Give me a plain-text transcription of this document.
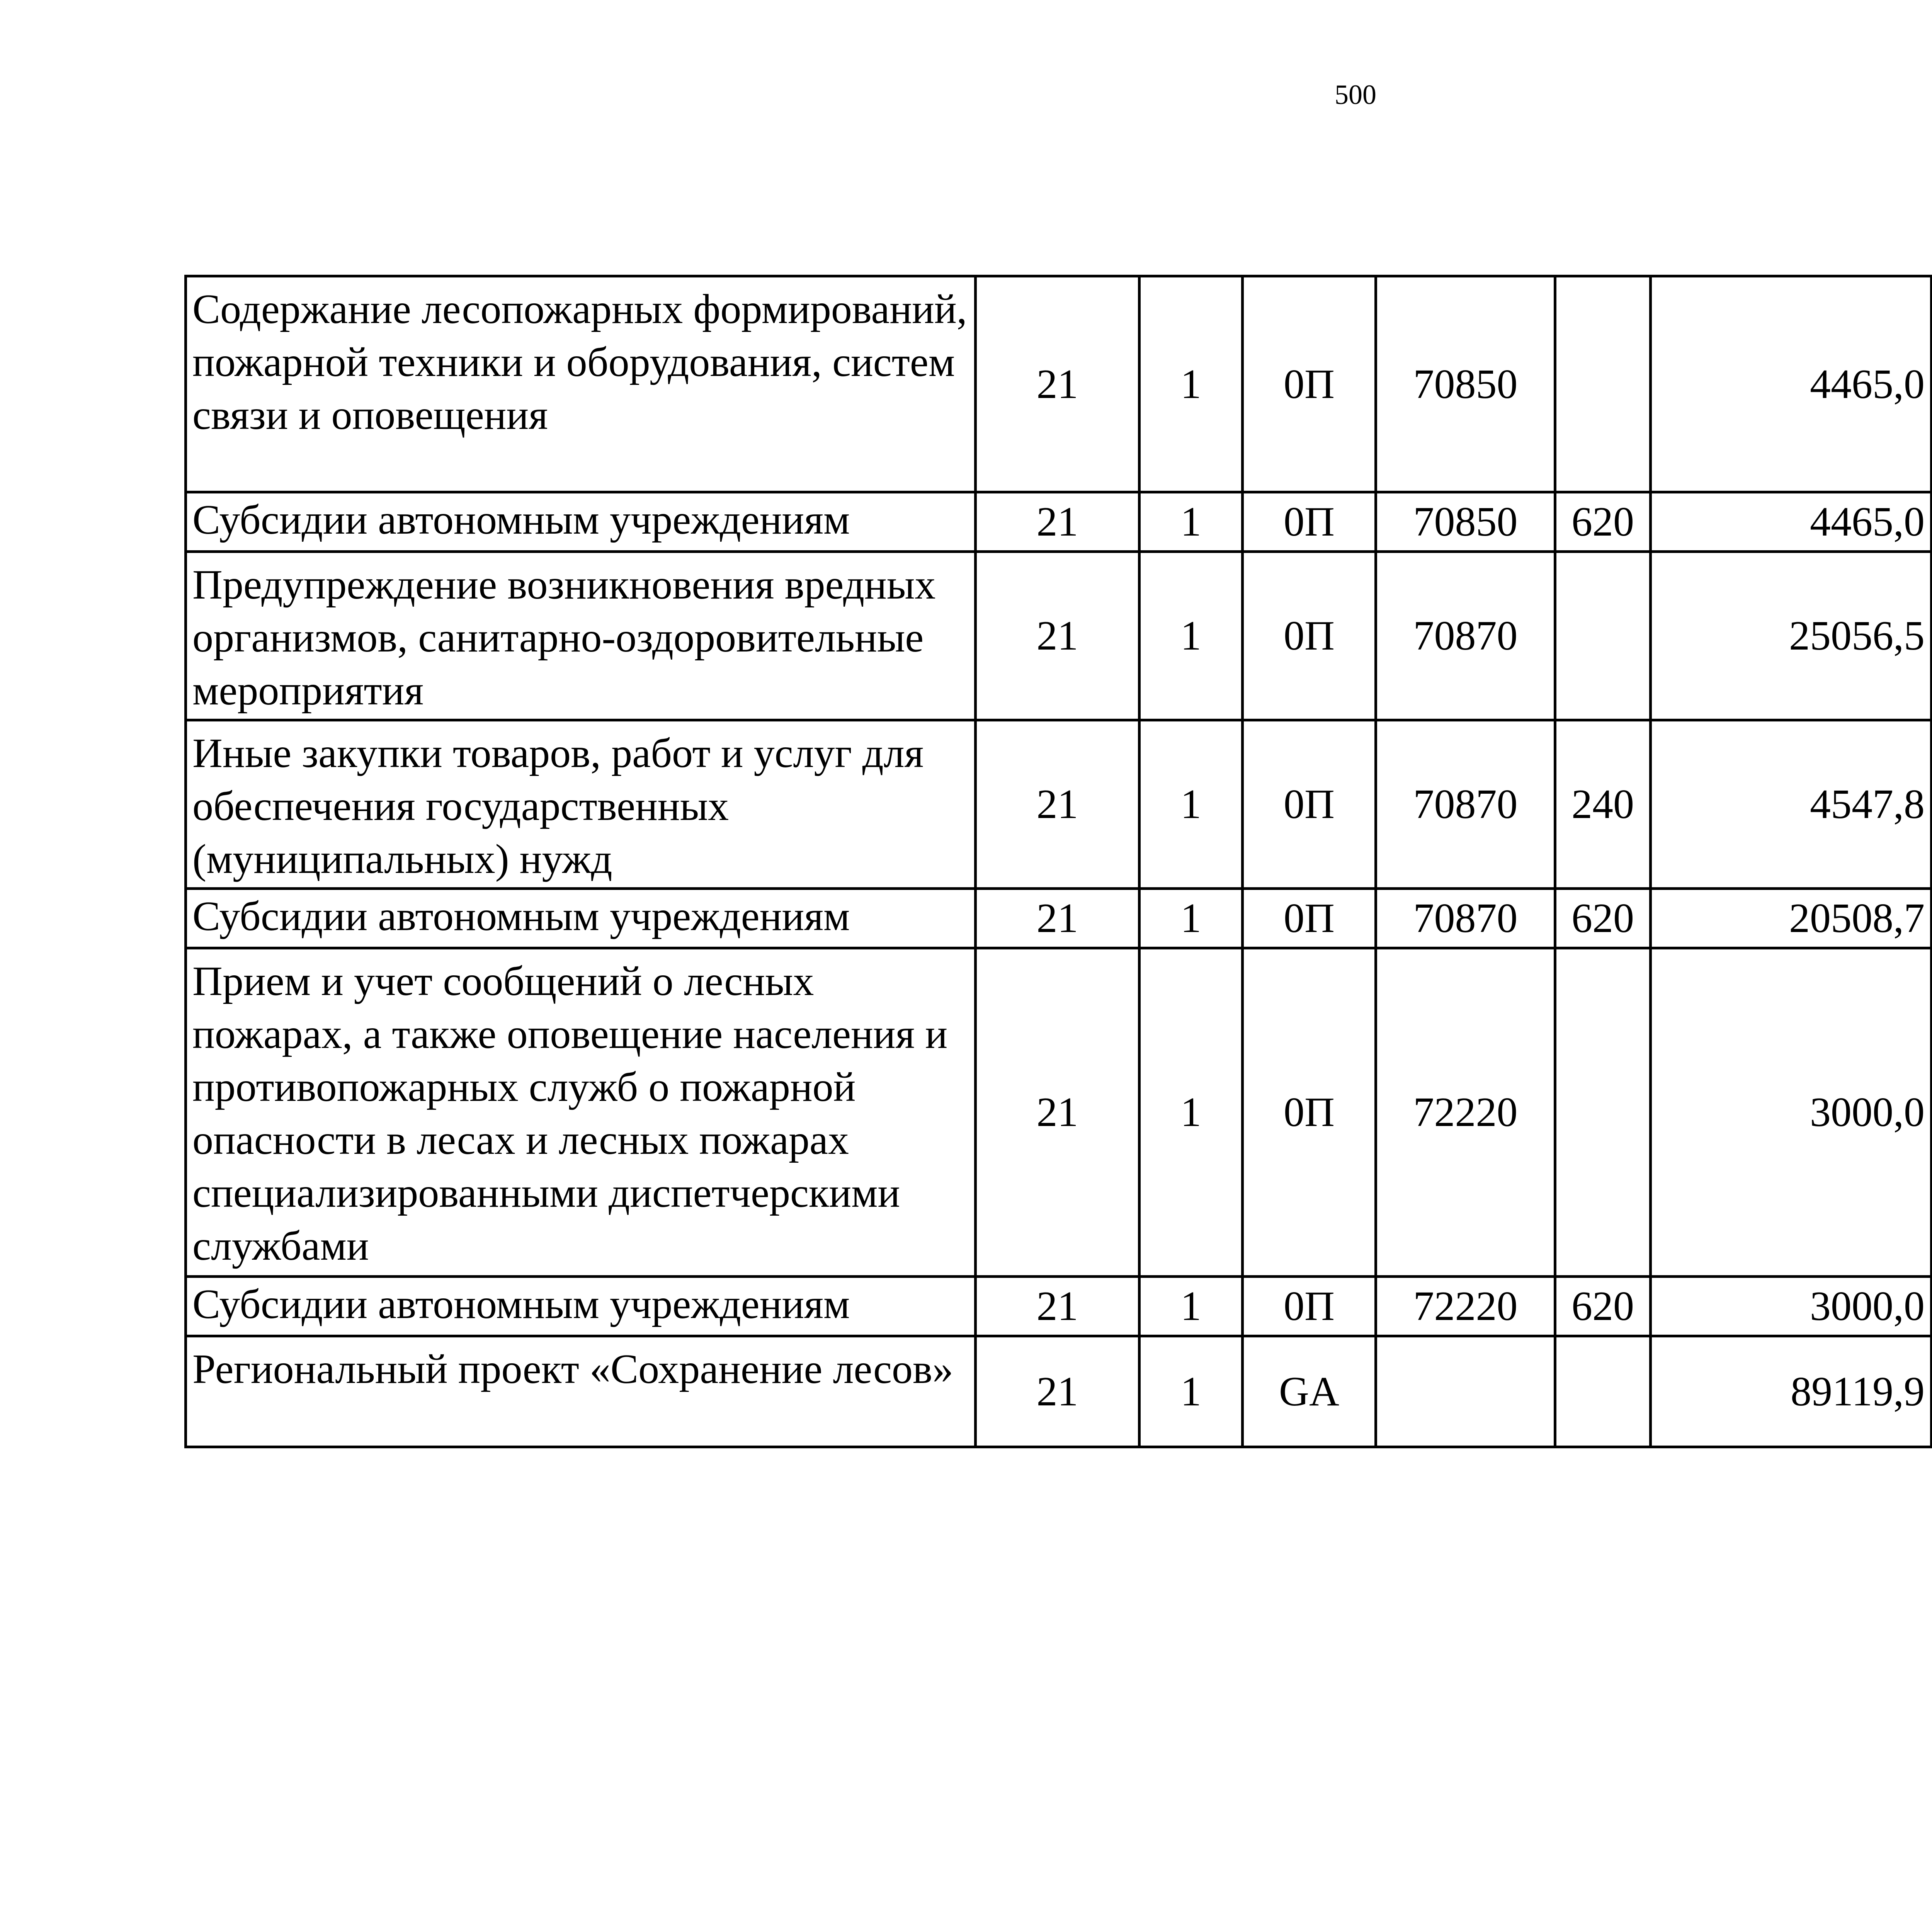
500
Содержание лесопожарных формирований, пожарной техники и оборудования, систем связи и оповещения	21	1	0П	70850		4465,0		
Субсидии автономным учреждениям	21	1	0П	70850	620	4465,0		
Предупреждение возникновения вредных организмов, санитарно-оздоровительные мероприятия	21	1	0П	70870		25056,5		
Иные закупки товаров, работ и услуг для обеспечения государственных (муниципальных) нужд	21	1	0П	70870	240	4547,8		
Субсидии автономным учреждениям	21	1	0П	70870	620	20508,7		
Прием и учет сообщений о лесных пожарах, а также оповещение населения и противопожарных служб о пожарной опасности в лесах и лесных пожарах специализированными диспетчерскими службами	21	1	0П	72220		3000,0		
Субсидии автономным учреждениям	21	1	0П	72220	620	3000,0		
Региональный проект «Сохранение лесов»	21	1	GA			89119,9		
